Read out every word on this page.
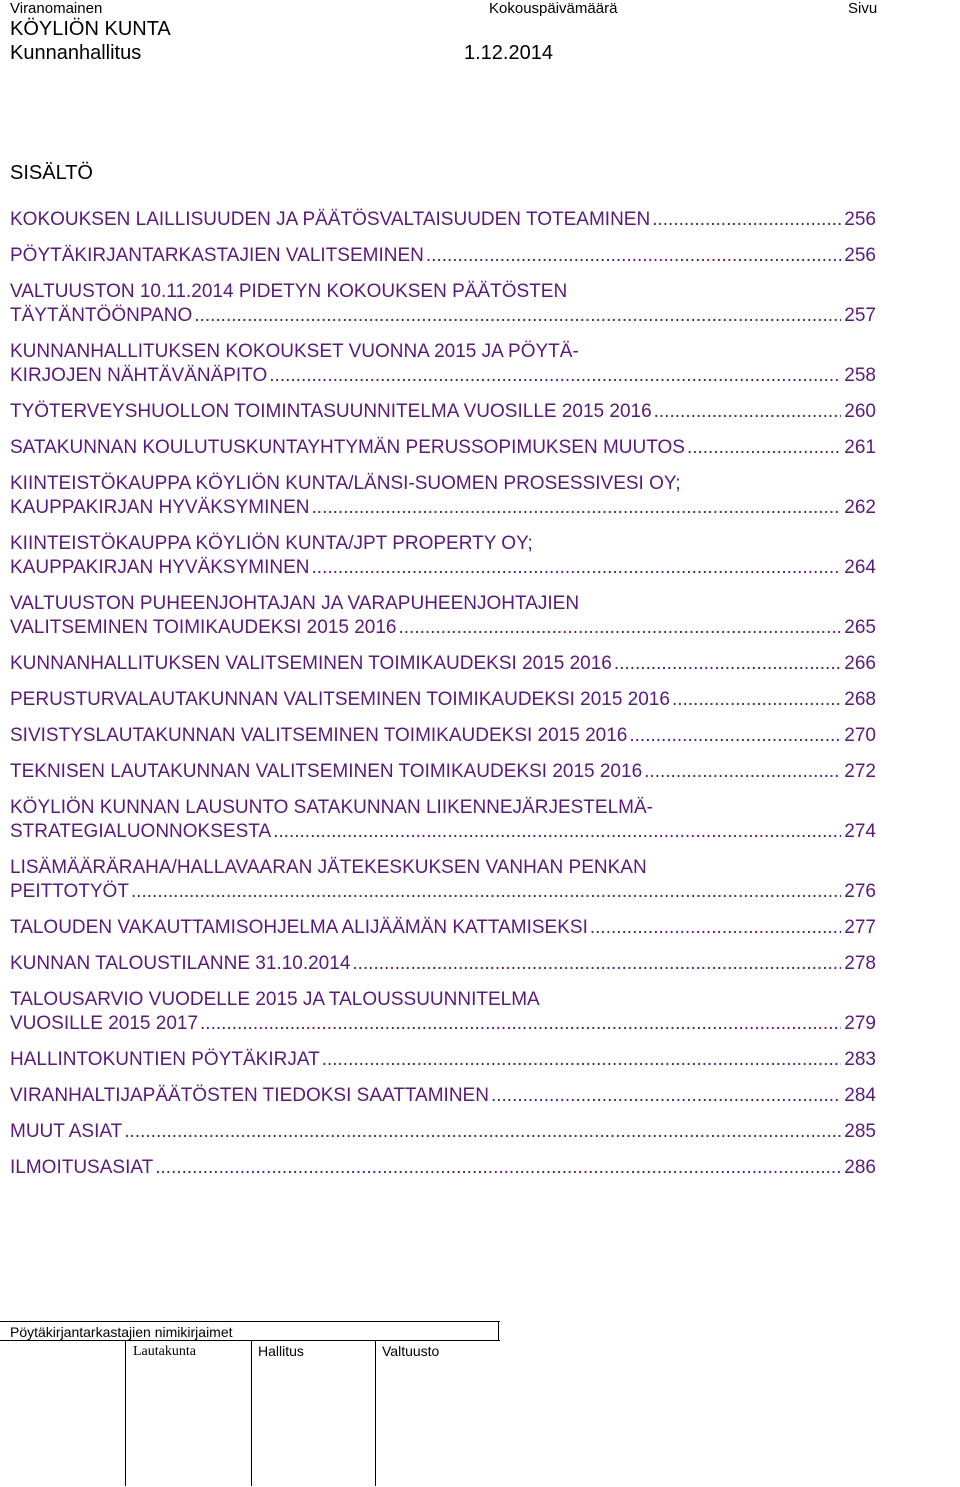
Viranomainen	Kokouspäivämäärä	Sivu
KÖYLIÖN KUNTA
Kunnanhallitus	1.12.2014
SISÄLTÖ
KOKOUKSEN LAILLISUUDEN JA PÄÄTÖSVALTAISUUDEN TOTEAMINEN .....	256
PÖYTÄKIRJANTARKASTAJIEN VALITSEMINEN .....	256
VALTUUSTON 10.11.2014 PIDETYN KOKOUKSEN PÄÄTÖSTEN
TÄYTÄNTÖÖNPANO .....	257
KUNNANHALLITUKSEN KOKOUKSET VUONNA 2015 JA PÖYTÄ-
KIRJOJEN NÄHTÄVÄNÄPITO .....	258
TYÖTERVEYSHUOLLON TOIMINTASUUNNITELMA VUOSILLE 2015 2016 .....	260
SATAKUNNAN KOULUTUSKUNTAYHTYMÄN PERUSSOPIMUKSEN MUUTOS .....	261
KIINTEISTÖKAUPPA KÖYLIÖN KUNTA/LÄNSI-SUOMEN PROSESSIVESI OY;
KAUPPAKIRJAN HYVÄKSYMINEN .....	262
KIINTEISTÖKAUPPA KÖYLIÖN KUNTA/JPT PROPERTY OY;
KAUPPAKIRJAN HYVÄKSYMINEN .....	264
VALTUUSTON PUHEENJOHTAJAN JA VARAPUHEENJOHTAJIEN
VALITSEMINEN TOIMIKAUDEKSI 2015 2016 .....	265
KUNNANHALLITUKSEN VALITSEMINEN TOIMIKAUDEKSI 2015 2016 .....	266
PERUSTURVALAUTAKUNNAN VALITSEMINEN TOIMIKAUDEKSI 2015 2016 .....	268
SIVISTYSLAUTAKUNNAN VALITSEMINEN TOIMIKAUDEKSI 2015 2016 .....	270
TEKNISEN LAUTAKUNNAN VALITSEMINEN TOIMIKAUDEKSI 2015 2016 .....	272
KÖYLIÖN KUNNAN LAUSUNTO SATAKUNNAN LIIKENNEJÄRJESTELMÄ-
STRATEGIALUONNOKSESTA .....	274
LISÄMÄÄRÄRAHA/HALLAVAARAN JÄTEKESKUKSEN VANHAN PENKAN
PEITTOTYÖT .....	276
TALOUDEN VAKAUTTAMISOHJELMA ALIJÄÄMÄN KATTAMISEKSI .....	277
KUNNAN TALOUSTILANNE 31.10.2014 .....	278
TALOUSARVIO VUODELLE 2015 JA TALOUSSUUNNITELMA
VUOSILLE 2015 2017 .....	279
HALLINTOKUNTIEN PÖYTÄKIRJAT .....	283
VIRANHALTIJAPÄÄTÖSTEN TIEDOKSI SAATTAMINEN .....	284
MUUT ASIAT .....	285
ILMOITUSASIAT .....	286
Pöytäkirjantarkastajien nimikirjaimet
Lautakunta	Hallitus	Valtuusto
